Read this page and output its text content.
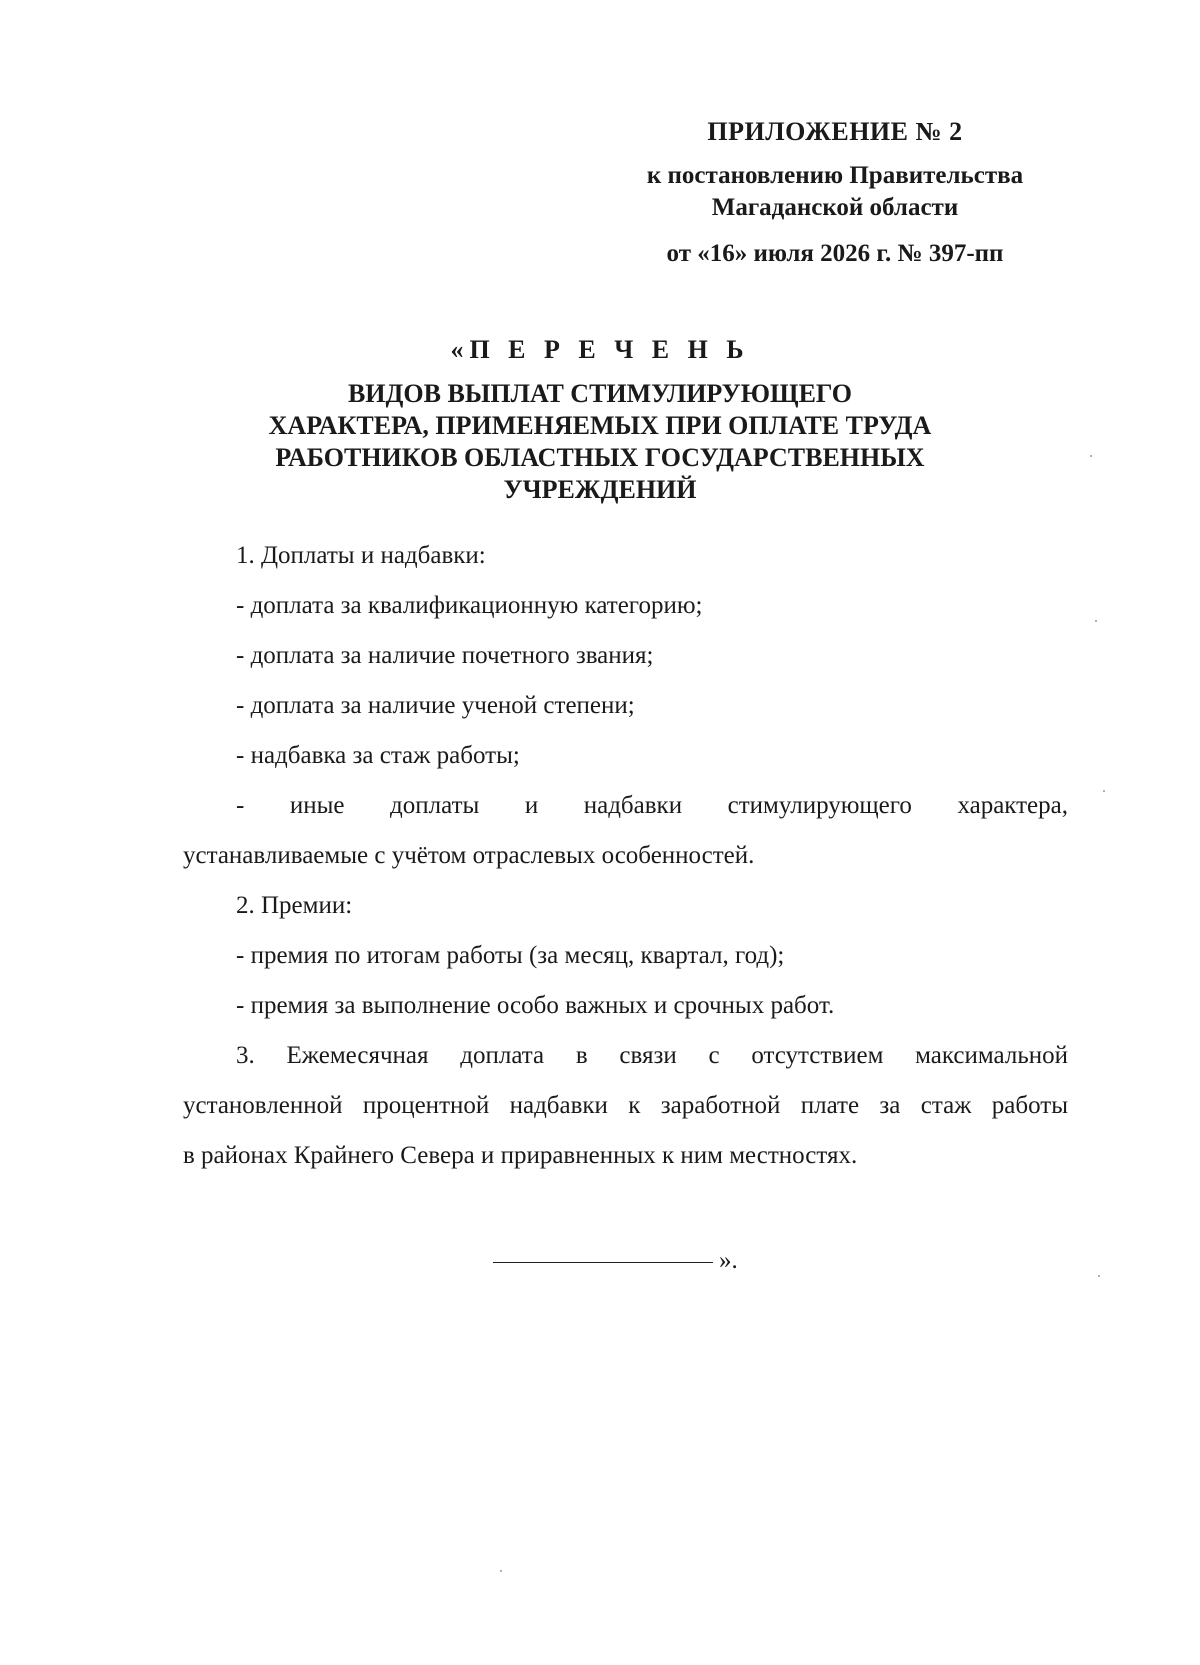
ПРИЛОЖЕНИЕ № 2
к постановлению Правительства
Магаданской области
от «16» июля 2026 г. № 397-пп
«П Е Р Е Ч Е Н Ь
ВИДОВ ВЫПЛАТ СТИМУЛИРУЮЩЕГО
ХАРАКТЕРА, ПРИМЕНЯЕМЫХ ПРИ ОПЛАТЕ ТРУДА
РАБОТНИКОВ ОБЛАСТНЫХ ГОСУДАРСТВЕННЫХ
УЧРЕЖДЕНИЙ
1. Доплаты и надбавки:
- доплата за квалификационную категорию;
- доплата за наличие почетного звания;
- доплата за наличие ученой степени;
- надбавка за стаж работы;
- иные доплаты и надбавки стимулирующего характера,
устанавливаемые с учётом отраслевых особенностей.
2. Премии:
- премия по итогам работы (за месяц, квартал, год);
- премия за выполнение особо важных и срочных работ.
3. Ежемесячная доплата в связи с отсутствием максимальной
установленной процентной надбавки к заработной плате за стаж работы
в районах Крайнего Севера и приравненных к ним местностях.
».
